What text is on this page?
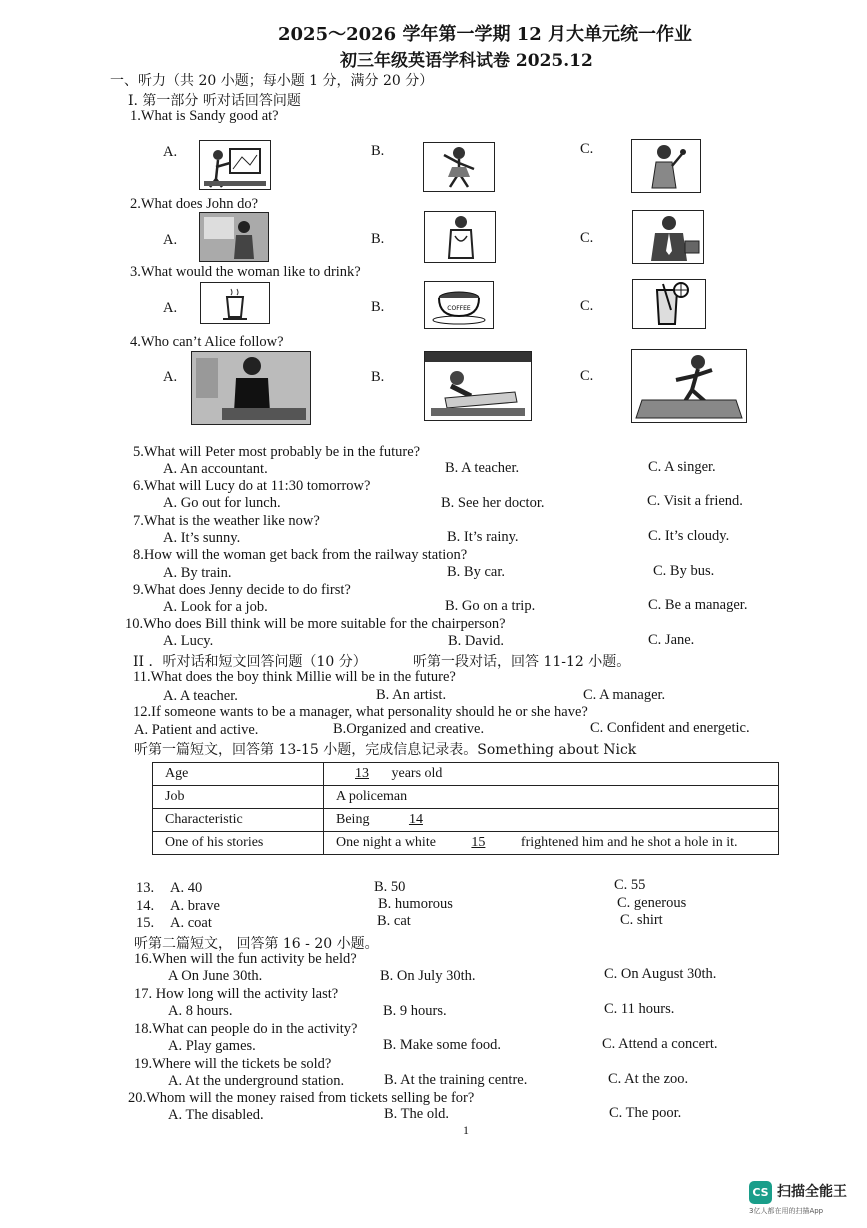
2025～2026 学年第一学期 12 月大单元统一作业
初三年级英语学科试卷 2025.12
一、听力（共 20 小题；每小题 1 分，满分 20 分）
I. 第一部分 听对话回答问题
1.What is Sandy good at?
A.	B.	C.
2.What does John do?
A.	B.	C.
3.What would the woman like to drink?
A.	B.	C.
COFFEE
4.Who can’t Alice follow?
A.	B.	C.
5.What will Peter most probably be in the future?
A. An accountant.	B. A teacher.	C. A singer.
6.What will Lucy do at 11:30 tomorrow?
A. Go out for lunch.	B. See her doctor.	C. Visit a friend.
7.What is the weather like now?
A. It’s sunny.	B. It’s rainy.	C. It’s cloudy.
8.How will the woman get back from the railway station?
A. By train.	B. By car.	C. By bus.
9.What does Jenny decide to do first?
A. Look for a job.	B. Go on a trip.	C. Be a manager.
10.Who does Bill think will be more suitable for the chairperson?
A. Lucy.	B. David.	C. Jane.
II ．听对话和短文回答问题（10 分）	听第一段对话，回答 11-12 小题。
11.What does the boy think Millie will be in the future?
A. A teacher.	B. An artist.	C. A manager.
12.If someone wants to be a manager, what personality should he or she have?
A. Patient and active.	B.Organized and creative.	C. Confident and energetic.
听第一篇短文，回答第 13-15 小题，完成信息记录表。Something about Nick
Age	13 years old
Job	A policeman
Characteristic	Being 14
One of his stories	One night a white 15 frightened him and he shot a hole in it.
13. A. 40	B. 50	C. 55
14. A. brave	B. humorous	C. generous
15. A. coat	B. cat	C. shirt
听第二篇短文， 回答第 16 - 20 小题。
16.When will the fun activity be held?
A On June 30th.	B. On July 30th.	C. On August 30th.
17. How long will the activity last?
A. 8 hours.	B. 9 hours.	C. 11 hours.
18.What can people do in the activity?
A. Play games.	B. Make some food.	C. Attend a concert.
19.Where will the tickets be sold?
A. At the underground station.	B. At the training centre.	C. At the zoo.
20.Whom will the money raised from tickets selling be for?
A. The disabled.	B. The old.	C. The poor.
1
CS 扫描全能王
3亿人都在用的扫描App
